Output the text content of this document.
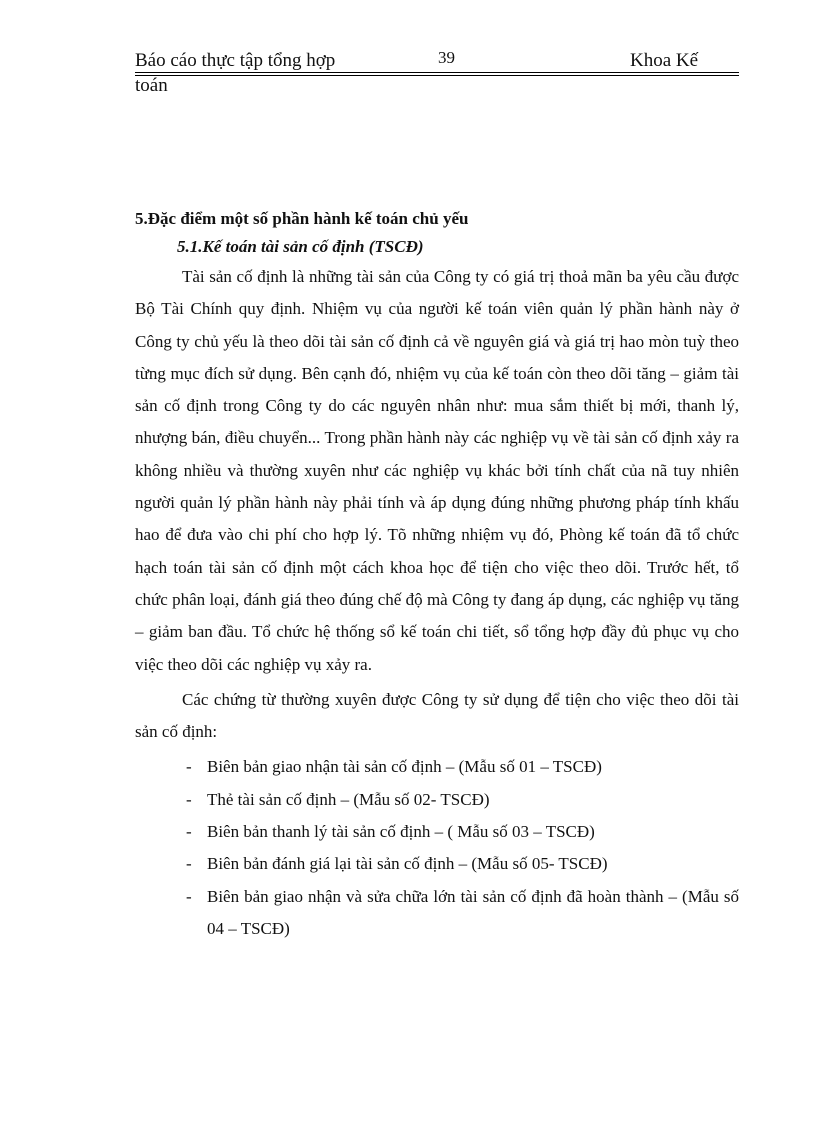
Báo cáo thực tập tổng hợp	39	Khoa Kế
toán
5.Đặc điểm một số phần hành kế toán chủ yếu
5.1.Kế toán tài sản cố định (TSCĐ)

Tài sản cố định là những tài sản của Công ty có giá trị thoả mãn ba yêu cầu được Bộ Tài Chính quy định. Nhiệm vụ của người kế toán viên quản lý phần hành này ở Công ty chủ yếu là theo dõi tài sản cố định cả về nguyên giá và giá trị hao mòn tuỳ theo từng mục đích sử dụng. Bên cạnh đó, nhiệm vụ của kế toán còn theo dõi tăng – giảm tài sản cố định trong Công ty do các nguyên nhân như: mua sắm thiết bị mới, thanh lý, nhượng bán, điều chuyển... Trong phần hành này các nghiệp vụ về tài sản cố định xảy ra không nhiều và thường xuyên như các nghiệp vụ khác bởi tính chất của nã tuy nhiên người quản lý phần hành này phải tính và áp dụng đúng những phương pháp tính khấu hao để đưa vào chi phí cho hợp lý. Tõ những nhiệm vụ đó, Phòng kế toán đã tổ chức hạch toán tài sản cố định một cách khoa học để tiện cho việc theo dõi. Trước hết, tổ chức phân loại, đánh giá theo đúng chế độ mà Công ty đang áp dụng, các nghiệp vụ tăng – giảm ban đầu. Tổ chức hệ thống sổ kế toán chi tiết, sổ tổng hợp đầy đủ phục vụ cho việc theo dõi các nghiệp vụ xảy ra.

Các chứng từ thường xuyên được Công ty sử dụng để tiện cho việc theo dõi tài sản cố định:

- Biên bản giao nhận tài sản cố định – (Mẫu số 01 – TSCĐ)
- Thẻ tài sản cố định – (Mẫu số 02- TSCĐ)
- Biên bản thanh lý tài sản cố định – ( Mẫu số 03 – TSCĐ)
- Biên bản đánh giá lại tài sản cố định – (Mẫu số 05- TSCĐ)
- Biên bản giao nhận và sửa chữa lớn tài sản cố định đã hoàn thành – (Mẫu số 04 – TSCĐ)
